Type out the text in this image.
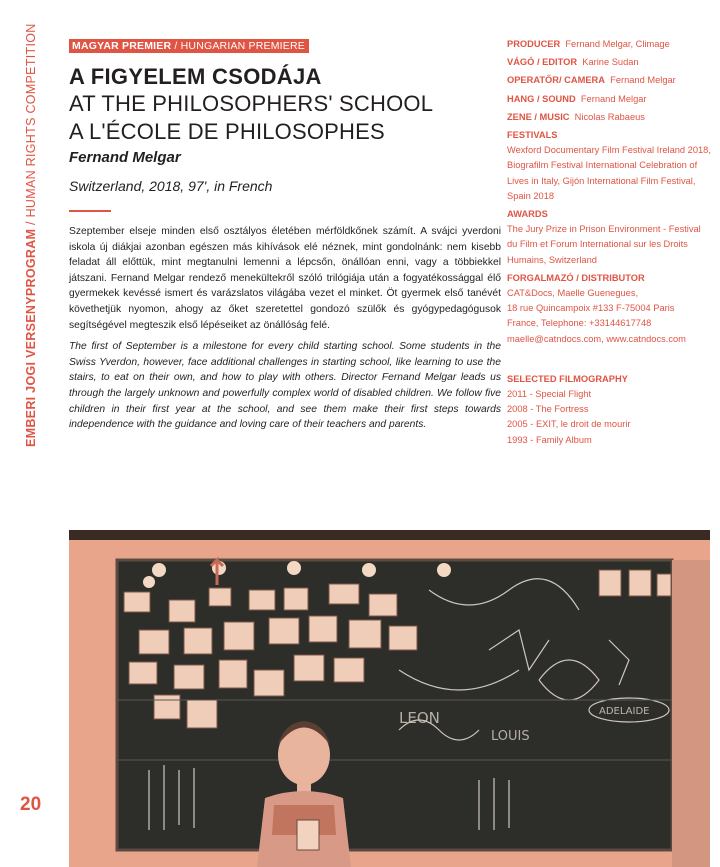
EMBERI JOGI VERSENYPROGRAM / HUMAN RIGHTS COMPETITION
20
MAGYAR PREMIER / HUNGARIAN PREMIERE
A FIGYELEM CSODÁJA
AT THE PHILOSOPHERS' SCHOOL
A L'ÉCOLE DE PHILOSOPHES
Fernand Melgar
Switzerland, 2018, 97', in French
Szeptember elseje minden első osztályos életében mérföldkőnek számít. A svájci yverdoni iskola új diákjai azonban egészen más kihívások elé néznek, mint gondolnánk: nem kisebb feladat áll előttük, mint megtanulni lemenni a lépcsőn, önállóan enni, vagy a többiekkel játszani. Fernand Melgar rendező menekültekről szóló trilógiája után a fogyatékossággal élő gyermekek kevéssé ismert és varázslatos világába vezet el minket. Öt gyermek első tanévét követhetjük nyomon, ahogy az őket szeretettel gondozó szülők és gyógypedagógusok segítségével megteszik első lépéseiket az önállóság felé.
The first of September is a milestone for every child starting school. Some students in the Swiss Yverdon, however, face additional challenges in starting school, like learning to use the stairs, to eat on their own, and how to play with others. Director Fernand Melgar leads us through the largely unknown and powerfully complex world of disabled children. We follow five children in their first year at the school, and see them make their first steps towards independence with the guidance and loving care of their teachers and parents.
PRODUCER Fernand Melgar, Climage
VÁGÓ / EDITOR Karine Sudan
OPERATŐR/ CAMERA Fernand Melgar
HANG / SOUND Fernand Melgar
ZENE / MUSIC Nicolas Rabaeus
FESTIVALS
Wexford Documentary Film Festival Ireland 2018,
Biografilm Festival International Celebration of
Lives in Italy, Gijón International Film Festival,
Spain 2018
AWARDS
The Jury Prize in Prison Environment - Festival
du Film et Forum International sur les Droits
Humains, Switzerland
FORGALMAZÓ / DISTRIBUTOR
CAT&Docs, Maelle Guenegues,
18 rue Quincampoix #133 F-75004 Paris
France, Telephone: +33144617748
maelle@catndocs.com, www.catndocs.com
SELECTED FILMOGRAPHY
2011 - Special Flight
2008 - The Fortress
2005 - EXIT, le droit de mourir
1993 - Family Album
LEON
LOUIS
ADELAIDE
